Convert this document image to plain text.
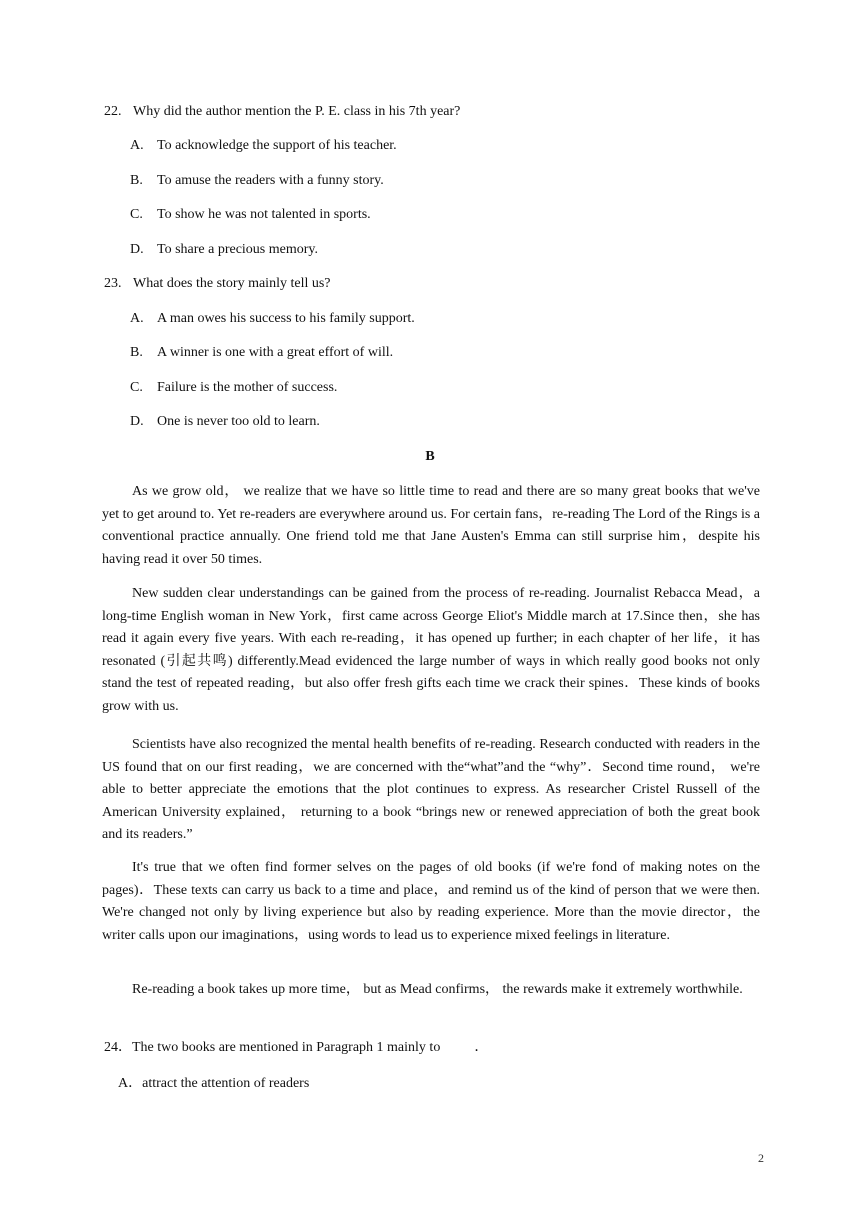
22. Why did the author mention the P. E. class in his 7th year?
A. To acknowledge the support of his teacher.
B. To amuse the readers with a funny story.
C. To show he was not talented in sports.
D. To share a precious memory.
23. What does the story mainly tell us?
A. A man owes his success to his family support.
B. A winner is one with a great effort of will.
C. Failure is the mother of success.
D. One is never too old to learn.
B

As we grow old， we realize that we have so little time to read and there are so many great books that we've yet to get around to. Yet re-readers are everywhere around us. For certain fans，re‐reading The Lord of the Rings is a conventional practice annually. One friend told me that Jane Austen's Emma can still surprise him，despite his having read it over 50 times.

New sudden clear understandings can be gained from the process of re‐reading. Journalist Rebacca Mead，a long‐time English woman in New York，first came across George Eliot's Middle march at 17.Since then，she has read it again every five years. With each re-reading，it has opened up further; in each chapter of her life，it has resonated (引起共鸣) differently.Mead evidenced the large number of ways in which really good books not only stand the test of repeated reading，but also offer fresh gifts each time we crack their spines．These kinds of books grow with us.

Scientists have also recognized the mental health benefits of re‐reading. Research conducted with readers in the US found that on our first reading，we are concerned with the“what”and the “why”．Second time round， we're able to better appreciate the emotions that the plot continues to express. As researcher Cristel Russell of the American University explained， returning to a book “brings new or renewed appreciation of both the great book and its readers.”

It's true that we often find former selves on the pages of old books (if we're fond of making notes on the pages)．These texts can carry us back to a time and place，and remind us of the kind of person that we were then. We're changed not only by living experience but also by reading experience. More than the movie director，the writer calls upon our imaginations，using words to lead us to experience mixed feelings in literature.

Re‐reading a book takes up more time， but as Mead confirms， the rewards make it extremely worthwhile.

24．The two books are mentioned in Paragraph 1 mainly to ．
A．attract the attention of readers
2
